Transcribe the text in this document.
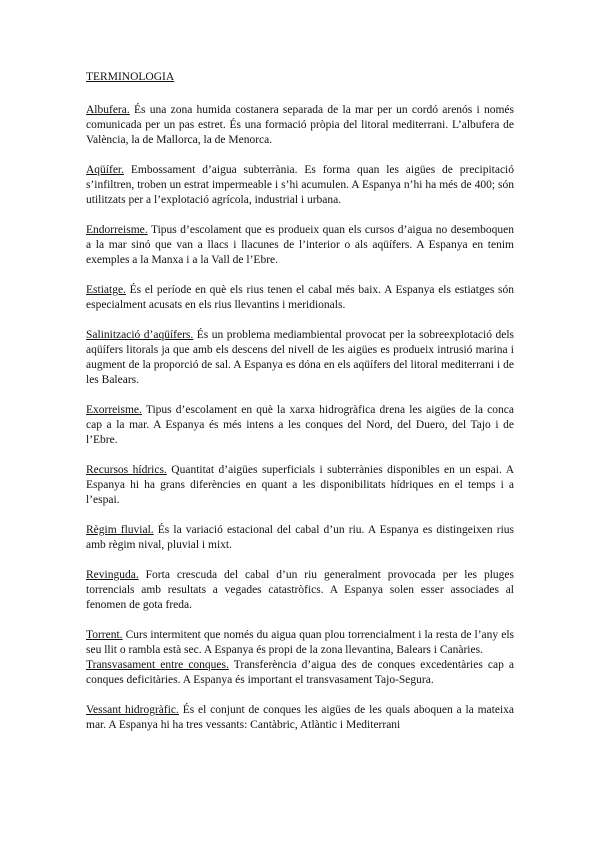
TERMINOLOGIA

Albufera. És una zona humida costanera separada de la mar per un cordó arenós i només comunicada per un pas estret. És una formació pròpia del litoral mediterrani. L’albufera de València, la de Mallorca, la de Menorca.

Aqüífer. Embossament d’aigua subterrània. Es forma quan les aigües de precipitació s’infiltren, troben un estrat impermeable i s’hi acumulen. A Espanya n’hi ha més de 400; són utilitzats per a l’explotació agrícola, industrial i urbana.

Endorreisme. Tipus d’escolament que es produeix quan els cursos d’aigua no desemboquen a la mar sinó que van a llacs i llacunes de l’interior o als aqüífers. A Espanya en tenim exemples a la Manxa i a la Vall de l’Ebre.

Estiatge. És el període en què els rius tenen el cabal més baix. A Espanya els estiatges són especialment acusats en els rius llevantins i meridionals.

Salinització d’aqüífers. És un problema mediambiental provocat per la sobreexplotació dels aqüífers litorals ja que amb els descens del nivell de les aigües es produeix intrusió marina i augment de la proporció de sal. A Espanya es dóna en els aqüífers del litoral mediterrani i de les Balears.

Exorreisme. Tipus d’escolament en què la xarxa hidrogràfica drena les aigües de la conca cap a la mar. A Espanya és més intens a les conques del Nord, del Duero, del Tajo i de l’Ebre.

Recursos hídrics. Quantitat d’aigües superficials i subterrànies disponibles en un espai. A Espanya hi ha grans diferències en quant a les disponibilitats hídriques en el temps i a l’espai.

Règim fluvial. És la variació estacional del cabal d’un riu. A Espanya es distingeixen rius amb règim nival, pluvial i mixt.

Revinguda. Forta crescuda del cabal d’un riu generalment provocada per les pluges torrencials amb resultats a vegades catastròfics. A Espanya solen esser associades al fenomen de gota freda.

Torrent. Curs intermitent que només du aigua quan plou torrencialment i la resta de l’any els seu llit o rambla està sec. A Espanya és propi de la zona llevantina, Balears i Canàries.

Transvasament entre conques. Transferència d’aigua des de conques excedentàries cap a conques deficitàries. A Espanya és important el transvasament Tajo-Segura.

Vessant hidrogràfic. És el conjunt de conques les aigües de les quals aboquen a la mateixa mar. A Espanya hi ha tres vessants: Cantàbric, Atlàntic i Mediterrani
